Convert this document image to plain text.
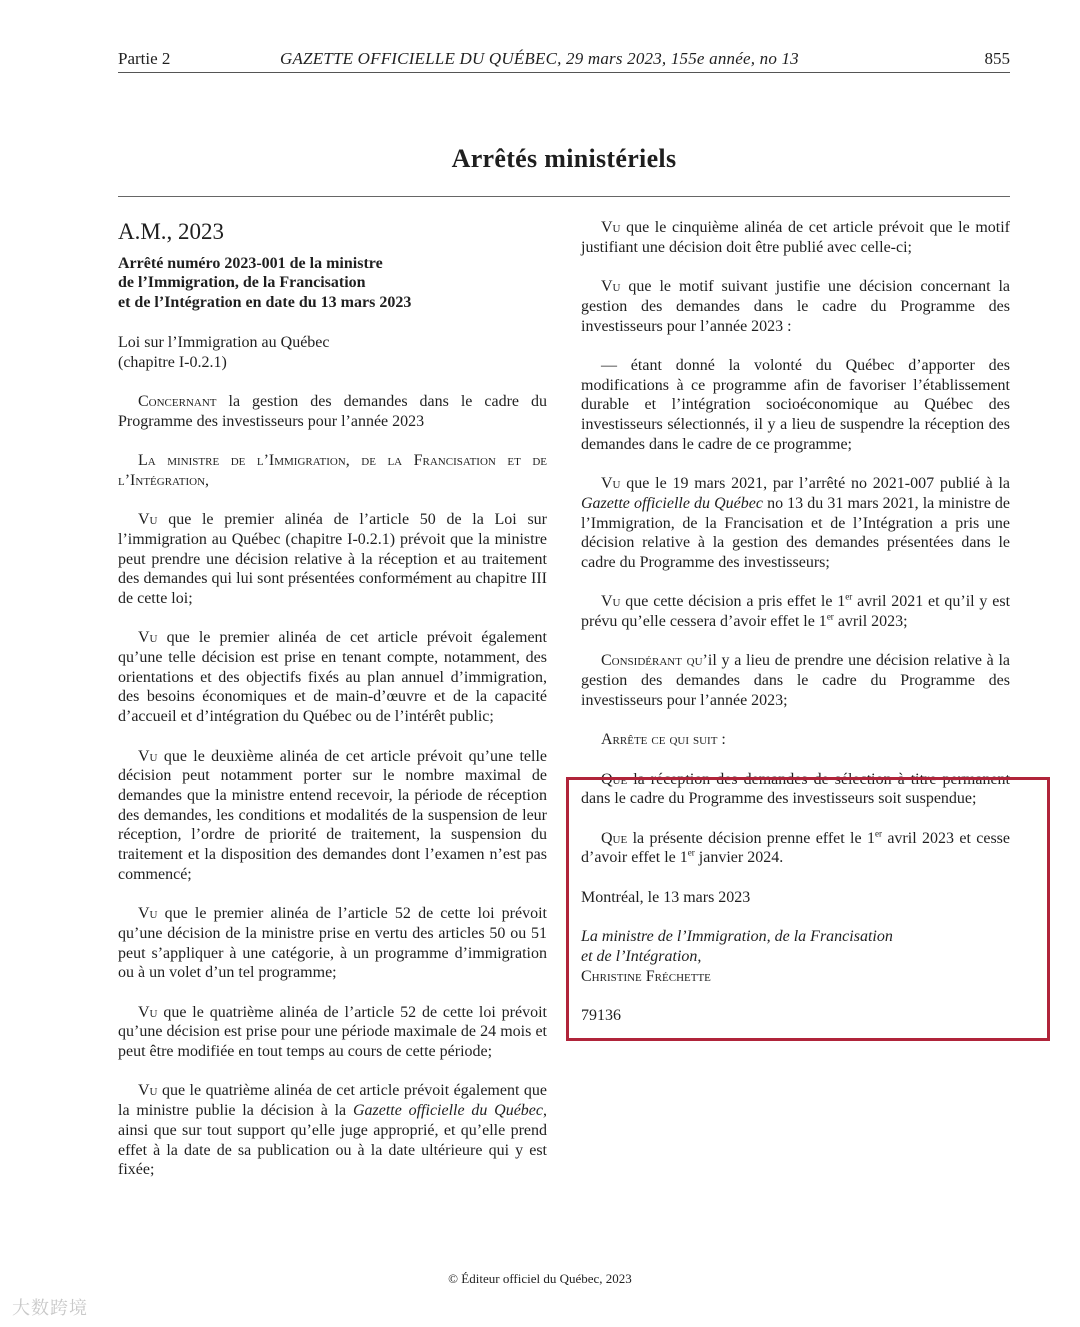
Partie 2	GAZETTE OFFICIELLE DU QUÉBEC, 29 mars 2023, 155e année, no 13	855
Arrêtés ministériels
A.M., 2023
Arrêté numéro 2023-001 de la ministre
de l’Immigration, de la Francisation
et de l’Intégration en date du 13 mars 2023
Loi sur l’Immigration au Québec
(chapitre I-0.2.1)

Concernant la gestion des demandes dans le cadre du Programme des investisseurs pour l’année 2023

La ministre de l’Immigration, de la Francisation et de l’Intégration,

Vu que le premier alinéa de l’article 50 de la Loi sur l’immigration au Québec (chapitre I-0.2.1) prévoit que la ministre peut prendre une décision relative à la réception et au traitement des demandes qui lui sont présentées conformément au chapitre III de cette loi;

Vu que le premier alinéa de cet article prévoit également qu’une telle décision est prise en tenant compte, notamment, des orientations et des objectifs fixés au plan annuel d’immigration, des besoins économiques et de main-d’œuvre et de la capacité d’accueil et d’intégration du Québec ou de l’intérêt public;

Vu que le deuxième alinéa de cet article prévoit qu’une telle décision peut notamment porter sur le nombre maximal de demandes que la ministre entend recevoir, la période de réception des demandes, les conditions et modalités de la suspension de leur réception, l’ordre de priorité de traitement, la suspension du traitement et la disposition des demandes dont l’examen n’est pas commencé;

Vu que le premier alinéa de l’article 52 de cette loi prévoit qu’une décision de la ministre prise en vertu des articles 50 ou 51 peut s’appliquer à une catégorie, à un programme d’immigration ou à un volet d’un tel programme;

Vu que le quatrième alinéa de l’article 52 de cette loi prévoit qu’une décision est prise pour une période maximale de 24 mois et peut être modifiée en tout temps au cours de cette période;

Vu que le quatrième alinéa de cet article prévoit également que la ministre publie la décision à la Gazette officielle du Québec, ainsi que sur tout support qu’elle juge approprié, et qu’elle prend effet à la date de sa publication ou à la date ultérieure qui y est fixée;

Vu que le cinquième alinéa de cet article prévoit que le motif justifiant une décision doit être publié avec celle-ci;

Vu que le motif suivant justifie une décision concernant la gestion des demandes dans le cadre du Programme des investisseurs pour l’année 2023 :

— étant donné la volonté du Québec d’apporter des modifications à ce programme afin de favoriser l’établissement durable et l’intégration socioéconomique au Québec des investisseurs sélectionnés, il y a lieu de suspendre la réception des demandes dans le cadre de ce programme;

Vu que le 19 mars 2021, par l’arrêté no 2021-007 publié à la Gazette officielle du Québec no 13 du 31 mars 2021, la ministre de l’Immigration, de la Francisation et de l’Intégration a pris une décision relative à la gestion des demandes présentées dans le cadre du Programme des investisseurs;

Vu que cette décision a pris effet le 1er avril 2021 et qu’il y est prévu qu’elle cessera d’avoir effet le 1er avril 2023;

Considérant qu’il y a lieu de prendre une décision relative à la gestion des demandes dans le cadre du Programme des investisseurs pour l’année 2023;

Arrête ce qui suit :

Que la réception des demandes de sélection à titre permanent dans le cadre du Programme des investisseurs soit suspendue;

Que la présente décision prenne effet le 1er avril 2023 et cesse d’avoir effet le 1er janvier 2024.

Montréal, le 13 mars 2023

La ministre de l’Immigration, de la Francisation

et de l’Intégration,

Christine Fréchette

79136

© Éditeur officiel du Québec, 2023
大数跨境
